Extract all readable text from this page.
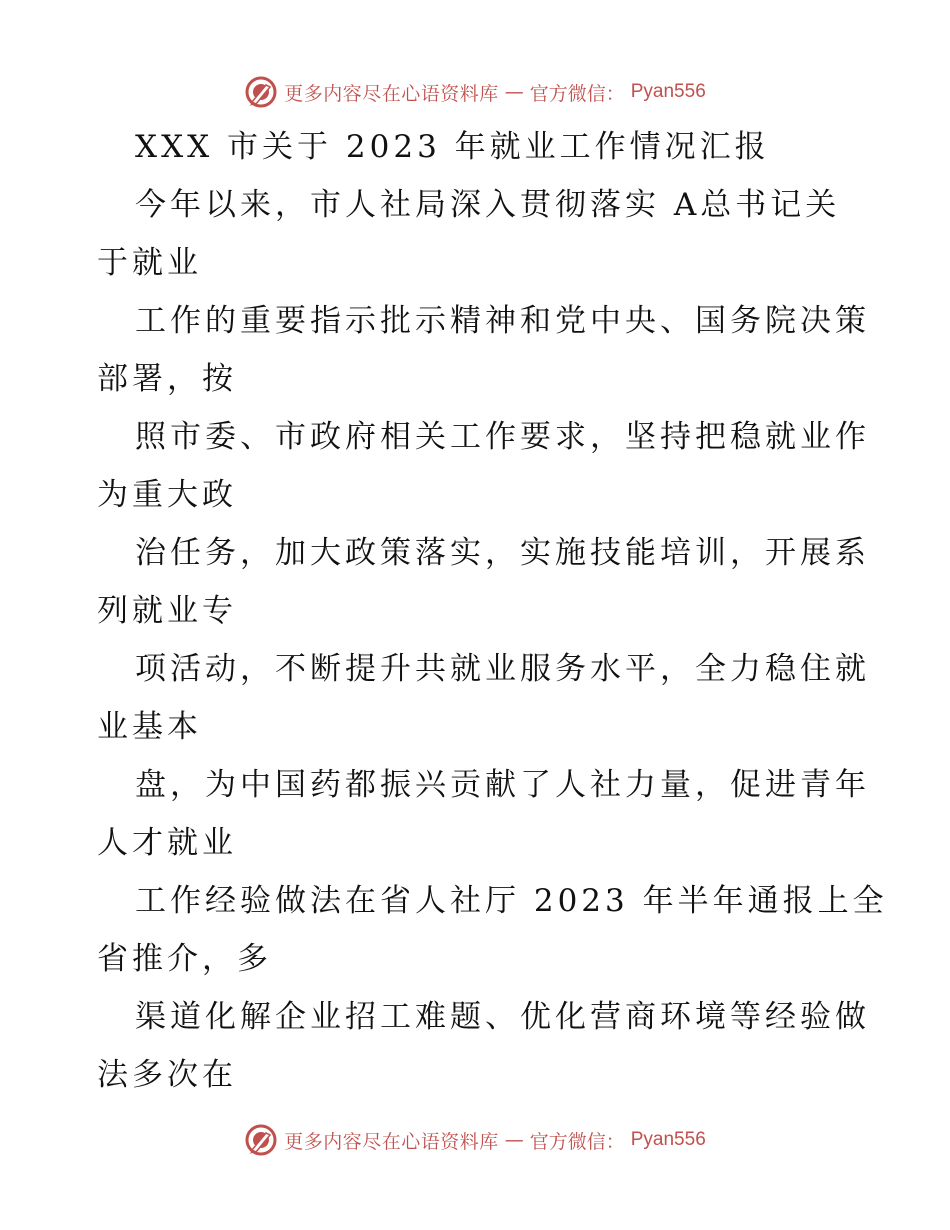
更多内容尽在心语资料库 — 官方微信： Pyan556
XXX 市关于 2023 年就业工作情况汇报
今年以来，市人社局深入贯彻落实 A总书记关
于就业
工作的重要指示批示精神和党中央、国务院决策
部署，按
照市委、市政府相关工作要求，坚持把稳就业作
为重大政
治任务，加大政策落实，实施技能培训，开展系
列就业专
项活动，不断提升共就业服务水平，全力稳住就
业基本
盘，为中国药都振兴贡献了人社力量，促进青年
人才就业
工作经验做法在省人社厅 2023 年半年通报上全
省推介，多
渠道化解企业招工难题、优化营商环境等经验做
法多次在
更多内容尽在心语资料库 — 官方微信： Pyan556
